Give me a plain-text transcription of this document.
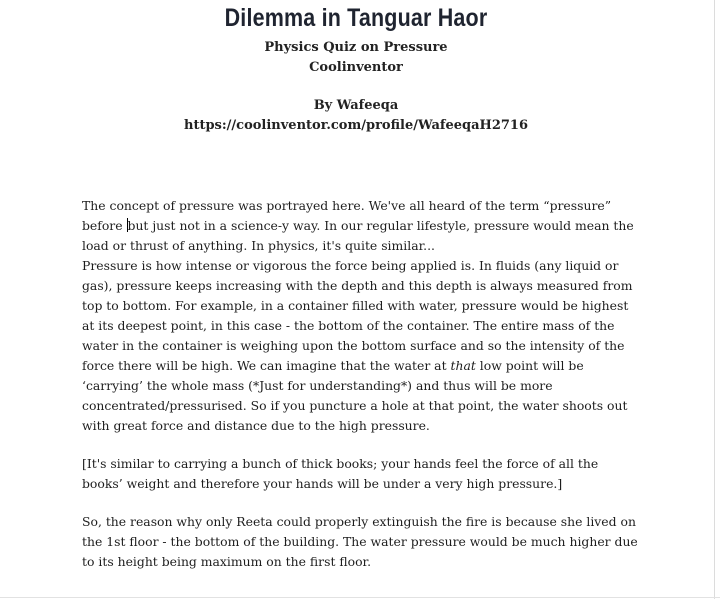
Dilemma in Tanguar Haor
Physics Quiz on Pressure
Coolinventor
By Wafeeqa
https://coolinventor.com/profile/WafeeqaH2716

The concept of pressure was portrayed here. We've all heard of the term “pressure” before but just not in a science-y way. In our regular lifestyle, pressure would mean the load or thrust of anything. In physics, it's quite similar...

Pressure is how intense or vigorous the force being applied is. In fluids (any liquid or gas), pressure keeps increasing with the depth and this depth is always measured from top to bottom. For example, in a container filled with water, pressure would be highest at its deepest point, in this case - the bottom of the container. The entire mass of the water in the container is weighing upon the bottom surface and so the intensity of the force there will be high. We can imagine that the water at that low point will be ‘carrying’ the whole mass (*Just for understanding*) and thus will be more concentrated/pressurised. So if you puncture a hole at that point, the water shoots out with great force and distance due to the high pressure.

[It's similar to carrying a bunch of thick books; your hands feel the force of all the books’ weight and therefore your hands will be under a very high pressure.]

So, the reason why only Reeta could properly extinguish the fire is because she lived on the 1st floor - the bottom of the building. The water pressure would be much higher due to its height being maximum on the first floor.
